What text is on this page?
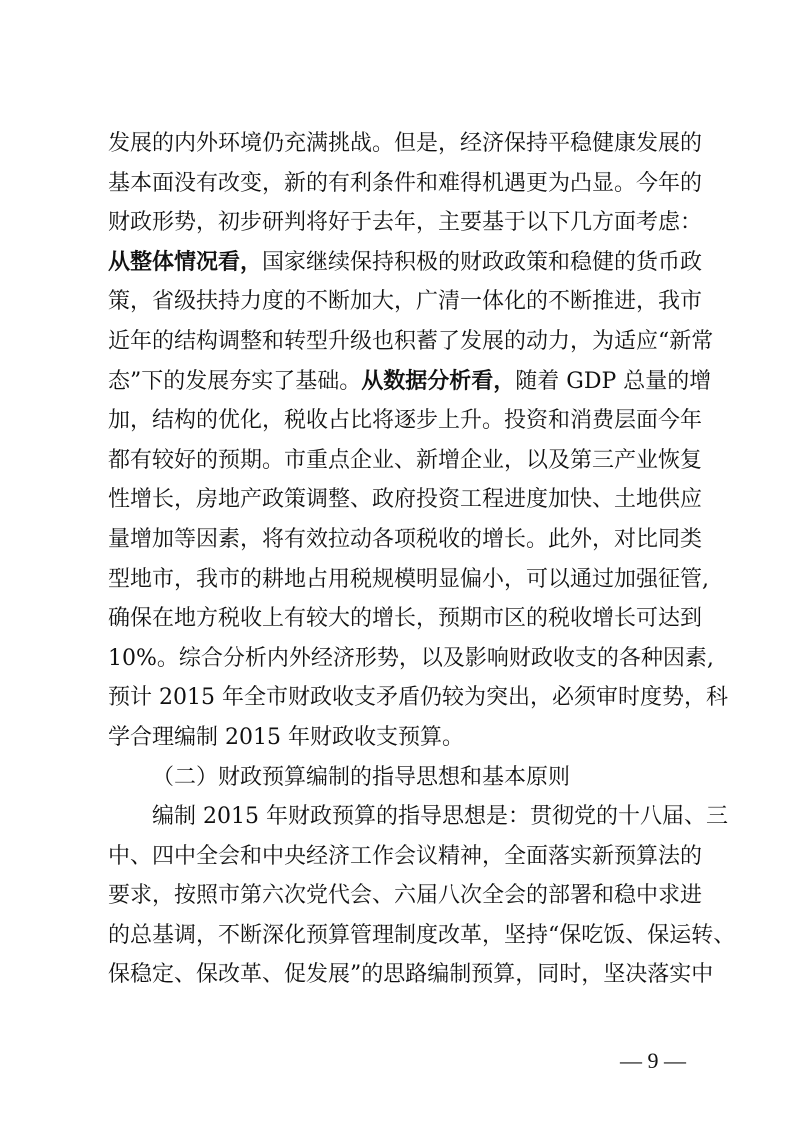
发展的内外环境仍充满挑战。但是，经济保持平稳健康发展的
基本面没有改变，新的有利条件和难得机遇更为凸显。今年的
财政形势，初步研判将好于去年，主要基于以下几方面考虑：
从整体情况看，国家继续保持积极的财政政策和稳健的货币政
策，省级扶持力度的不断加大，广清一体化的不断推进，我市
近年的结构调整和转型升级也积蓄了发展的动力，为适应“新常
态”下的发展夯实了基础。从数据分析看，随着 GDP 总量的增
加，结构的优化，税收占比将逐步上升。投资和消费层面今年
都有较好的预期。市重点企业、新增企业，以及第三产业恢复
性增长，房地产政策调整、政府投资工程进度加快、土地供应
量增加等因素，将有效拉动各项税收的增长。此外，对比同类
型地市，我市的耕地占用税规模明显偏小，可以通过加强征管,
确保在地方税收上有较大的增长，预期市区的税收增长可达到
10%。综合分析内外经济形势，以及影响财政收支的各种因素,
预计 2015 年全市财政收支矛盾仍较为突出，必须审时度势，科
学合理编制 2015 年财政收支预算。
（二）财政预算编制的指导思想和基本原则
编制 2015 年财政预算的指导思想是：贯彻党的十八届、三
中、四中全会和中央经济工作会议精神，全面落实新预算法的
要求，按照市第六次党代会、六届八次全会的部署和稳中求进
的总基调，不断深化预算管理制度改革，坚持“保吃饭、保运转、
保稳定、保改革、促发展”的思路编制预算，同时，坚决落实中
— 9 —
